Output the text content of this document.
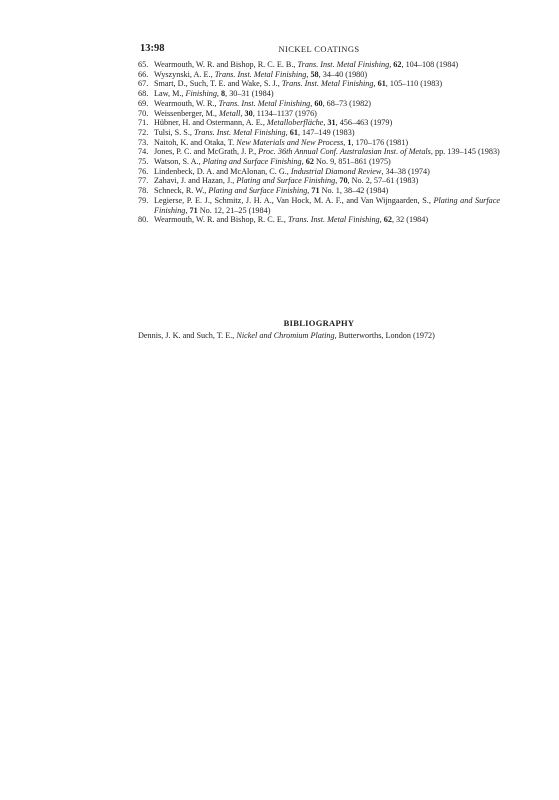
13:98	NICKEL COATINGS
65. Wearmouth, W. R. and Bishop, R. C. E. B., Trans. Inst. Metal Finishing, 62, 104–108 (1984)
66. Wyszynski, A. E., Trans. Inst. Metal Finishing, 58, 34–40 (1980)
67. Smart, D., Such, T. E. and Wake, S. J., Trans. Inst. Metal Finishing, 61, 105–110 (1983)
68. Law, M., Finishing, 8, 30–31 (1984)
69. Wearmouth, W. R., Trans. Inst. Metal Finishing, 60, 68–73 (1982)
70. Weissenberger, M., Metall, 30, 1134–1137 (1976)
71. Hübner, H. and Ostermann, A. E., Metalloberfläche, 31, 456–463 (1979)
72. Tulsi, S. S., Trans. Inst. Metal Finishing, 61, 147–149 (1983)
73. Naitoh, K. and Otaka, T. New Materials and New Process, 1, 170–176 (1981)
74. Jones, P. C. and McGrath, J. P., Proc. 36th Annual Conf. Australasian Inst. of Metals, pp. 139–145 (1983)
75. Watson, S. A., Plating and Surface Finishing, 62 No. 9, 851–861 (1975)
76. Lindenbeck, D. A. and McAlonan, C. G., Industrial Diamond Review, 34–38 (1974)
77. Zahavi, J. and Hazan, J., Plating and Surface Finishing, 70, No. 2, 57–61 (1983)
78. Schneck, R. W., Plating and Surface Finishing, 71 No. 1, 38–42 (1984)
79. Legierse, P. E. J., Schmitz, J. H. A., Van Hock, M. A. F., and Van Wijngaarden, S., Plating and Surface Finishing, 71 No. 12, 21–25 (1984)
80. Wearmouth, W. R. and Bishop, R. C. E., Trans. Inst. Metal Finishing, 62, 32 (1984)
BIBLIOGRAPHY
Dennis, J. K. and Such, T. E., Nickel and Chromium Plating, Butterworths, London (1972)
